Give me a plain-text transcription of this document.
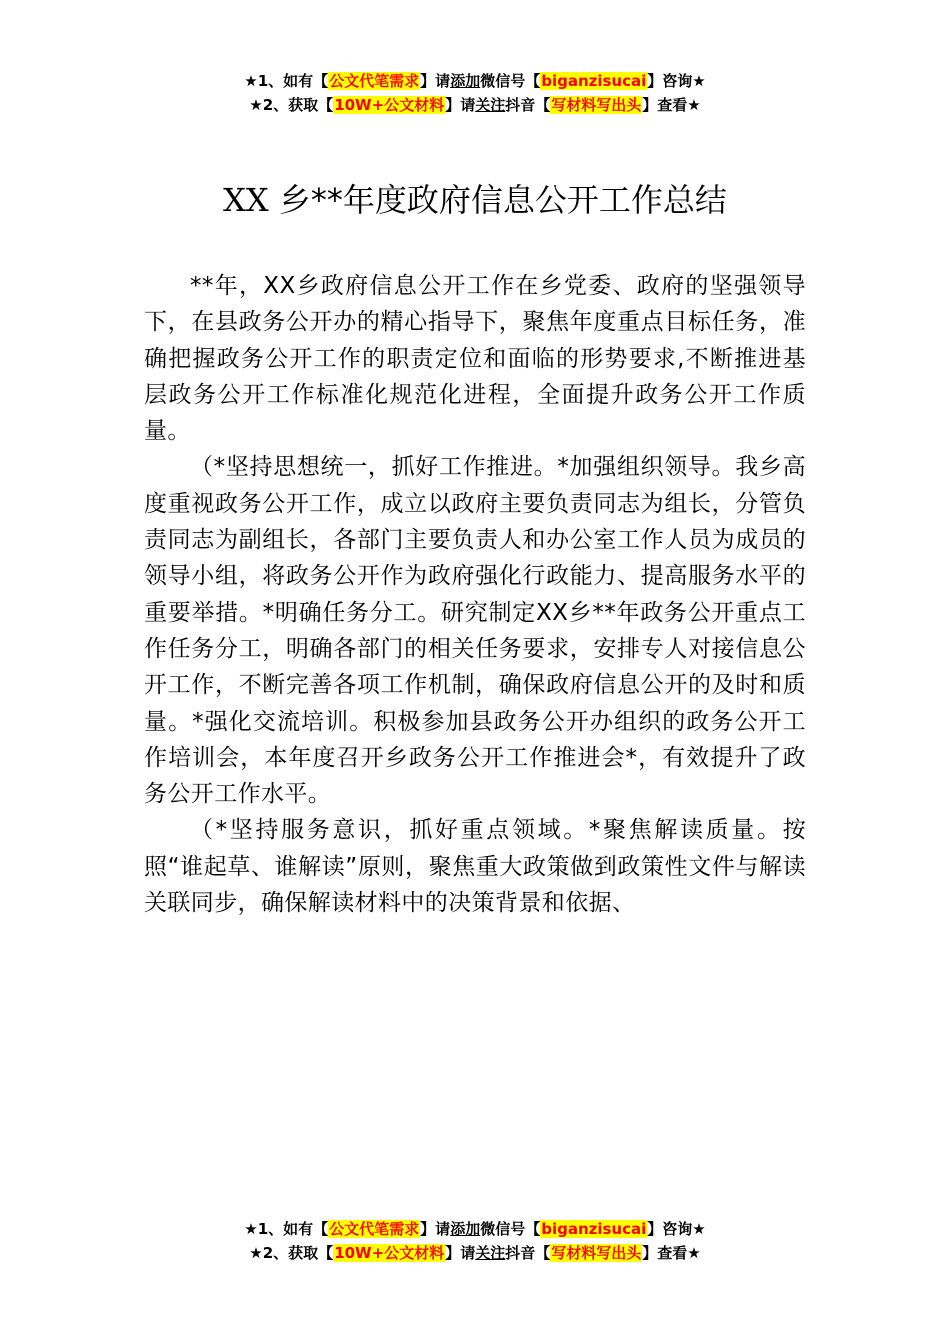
★1、如有【公文代笔需求】请添加微信号【biganzisucai】咨询★
★2、获取【10W+公文材料】请关注抖音【写材料写出头】查看★
XX 乡**年度政府信息公开工作总结

**年，XX乡政府信息公开工作在乡党委、政府的坚强领导下，在县政务公开办的精心指导下，聚焦年度重点目标任务，准确把握政务公开工作的职责定位和面临的形势要求,不断推进基层政务公开工作标准化规范化进程，全面提升政务公开工作质量。

（*坚持思想统一，抓好工作推进。*加强组织领导。我乡高度重视政务公开工作，成立以政府主要负责同志为组长，分管负责同志为副组长，各部门主要负责人和办公室工作人员为成员的领导小组，将政务公开作为政府强化行政能力、提高服务水平的重要举措。*明确任务分工。研究制定XX乡**年政务公开重点工作任务分工，明确各部门的相关任务要求，安排专人对接信息公开工作，不断完善各项工作机制，确保政府信息公开的及时和质量。*强化交流培训。积极参加县政务公开办组织的政务公开工作培训会，本年度召开乡政务公开工作推进会*，有效提升了政务公开工作水平。

（*坚持服务意识，抓好重点领域。*聚焦解读质量。按照“谁起草、谁解读”原则，聚焦重大政策做到政策性文件与解读关联同步，确保解读材料中的决策背景和依据、

★1、如有【公文代笔需求】请添加微信号【biganzisucai】咨询★
★2、获取【10W+公文材料】请关注抖音【写材料写出头】查看★
